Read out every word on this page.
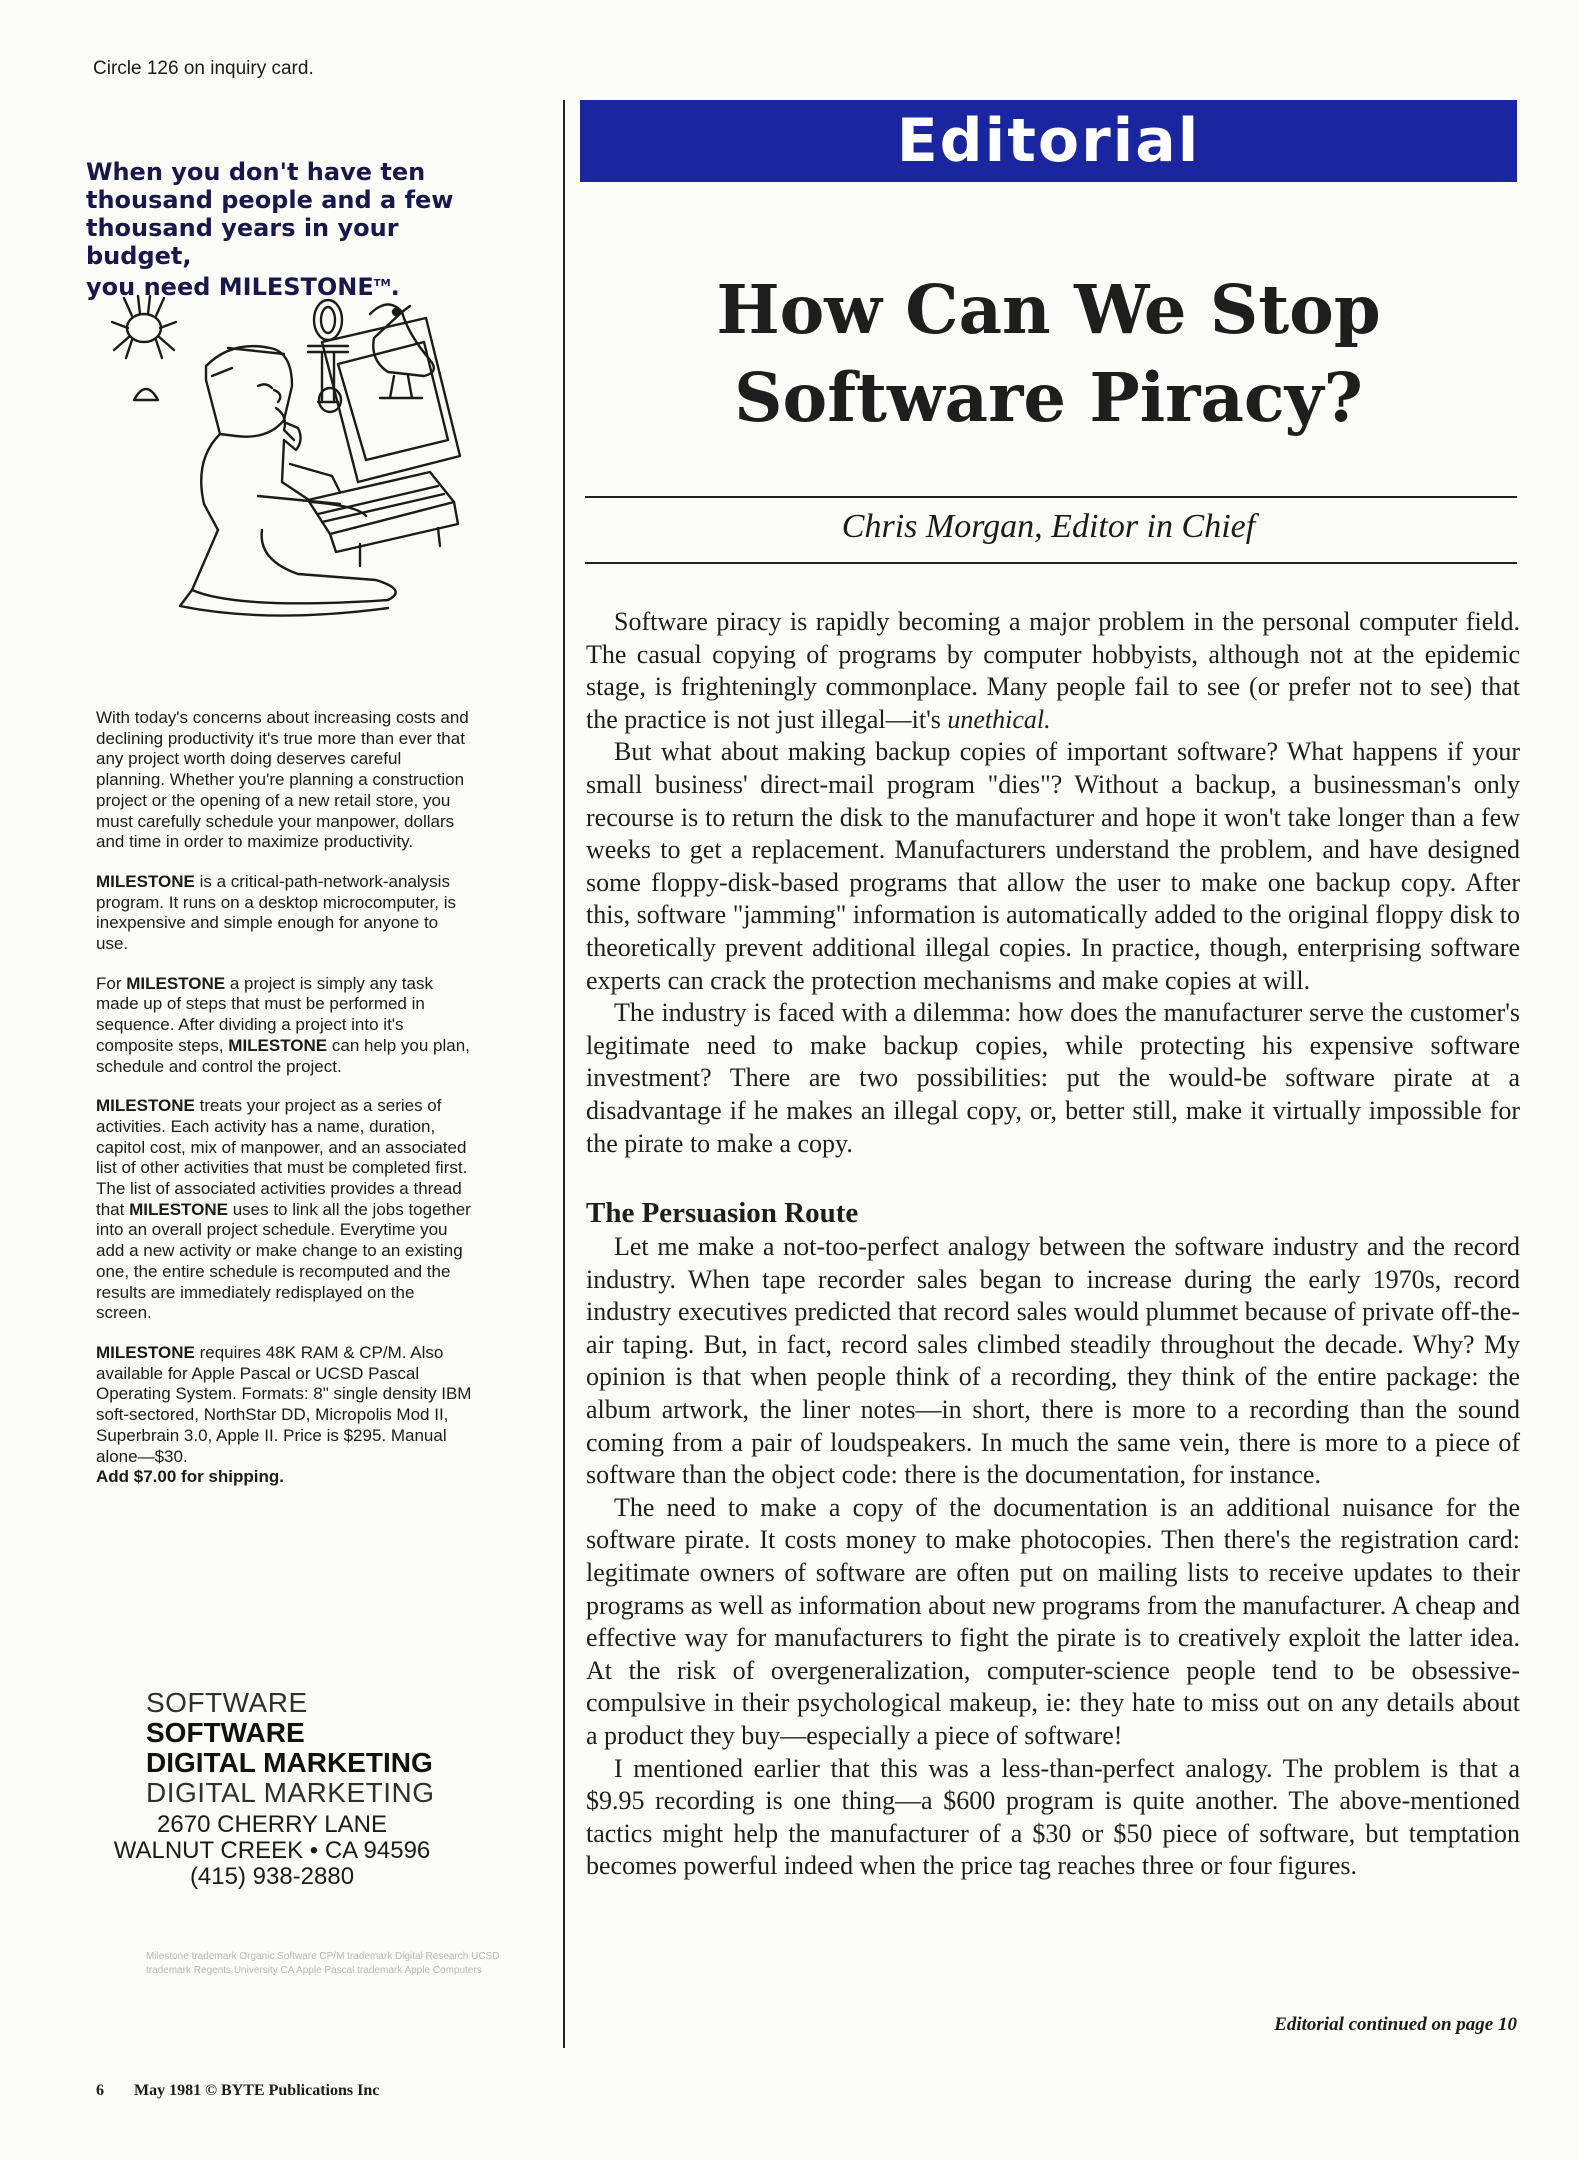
Circle 126 on inquiry card.
When you don't have ten
thousand people and a few
thousand years in your budget,
you need MILESTONE™.

With today's concerns about increasing costs and declining productivity it's true more than ever that any project worth doing deserves careful planning. Whether you're planning a construction project or the opening of a new retail store, you must carefully schedule your manpower, dollars and time in order to maximize productivity.

MILESTONE is a critical-path-network-analysis program. It runs on a desktop microcomputer, is inexpensive and simple enough for anyone to use.

For MILESTONE a project is simply any task made up of steps that must be performed in sequence. After dividing a project into it's composite steps, MILESTONE can help you plan, schedule and control the project.

MILESTONE treats your project as a series of activities. Each activity has a name, duration, capitol cost, mix of manpower, and an associated list of other activities that must be completed first. The list of associated activities provides a thread that MILESTONE uses to link all the jobs together into an overall project schedule. Everytime you add a new activity or make change to an existing one, the entire schedule is recomputed and the results are immediately redisplayed on the screen.

MILESTONE requires 48K RAM & CP/M. Also available for Apple Pascal or UCSD Pascal Operating System. Formats: 8" single density IBM soft-sectored, NorthStar DD, Micropolis Mod II, Superbrain 3.0, Apple II. Price is $295. Manual alone—$30.
Add $7.00 for shipping.

SOFTWARE
SOFTWARE
DIGITAL MARKETING
DIGITAL MARKETING
2670 CHERRY LANE
WALNUT CREEK • CA 94596
(415) 938-2880
Milestone trademark Organic Software CP/M trademark Digital Research UCSD trademark Regents University CA Apple Pascal trademark Apple Computers
6 May 1981 © BYTE Publications Inc
Editorial
How Can We Stop
Software Piracy?
Chris Morgan, Editor in Chief

Software piracy is rapidly becoming a major problem in the personal computer field. The casual copying of programs by computer hobbyists, although not at the epidemic stage, is frighteningly commonplace. Many people fail to see (or prefer not to see) that the practice is not just illegal—it's unethical.

But what about making backup copies of important software? What happens if your small business' direct-mail program "dies"? Without a backup, a businessman's only recourse is to return the disk to the manufacturer and hope it won't take longer than a few weeks to get a replacement. Manufacturers understand the problem, and have designed some floppy-disk-based programs that allow the user to make one backup copy. After this, software "jamming" information is automatically added to the original floppy disk to theoretically prevent additional illegal copies. In practice, though, enterprising software experts can crack the protection mechanisms and make copies at will.

The industry is faced with a dilemma: how does the manufacturer serve the customer's legitimate need to make backup copies, while protecting his expensive software investment? There are two possibilities: put the would-be software pirate at a disadvantage if he makes an illegal copy, or, better still, make it virtually impossible for the pirate to make a copy.

The Persuasion Route

Let me make a not-too-perfect analogy between the software industry and the record industry. When tape recorder sales began to increase during the early 1970s, record industry executives predicted that record sales would plummet because of private off-the-air taping. But, in fact, record sales climbed steadily throughout the decade. Why? My opinion is that when people think of a recording, they think of the entire package: the album artwork, the liner notes—in short, there is more to a recording than the sound coming from a pair of loudspeakers. In much the same vein, there is more to a piece of software than the object code: there is the documentation, for instance.

The need to make a copy of the documentation is an additional nuisance for the software pirate. It costs money to make photocopies. Then there's the registration card: legitimate owners of software are often put on mailing lists to receive updates to their programs as well as information about new programs from the manufacturer. A cheap and effective way for manufacturers to fight the pirate is to creatively exploit the latter idea. At the risk of overgeneralization, computer-science people tend to be obsessive-compulsive in their psychological makeup, ie: they hate to miss out on any details about a product they buy—especially a piece of software!

I mentioned earlier that this was a less-than-perfect analogy. The problem is that a $9.95 recording is one thing—a $600 program is quite another. The above-mentioned tactics might help the manufacturer of a $30 or $50 piece of software, but temptation becomes powerful indeed when the price tag reaches three or four figures.

Editorial continued on page 10
